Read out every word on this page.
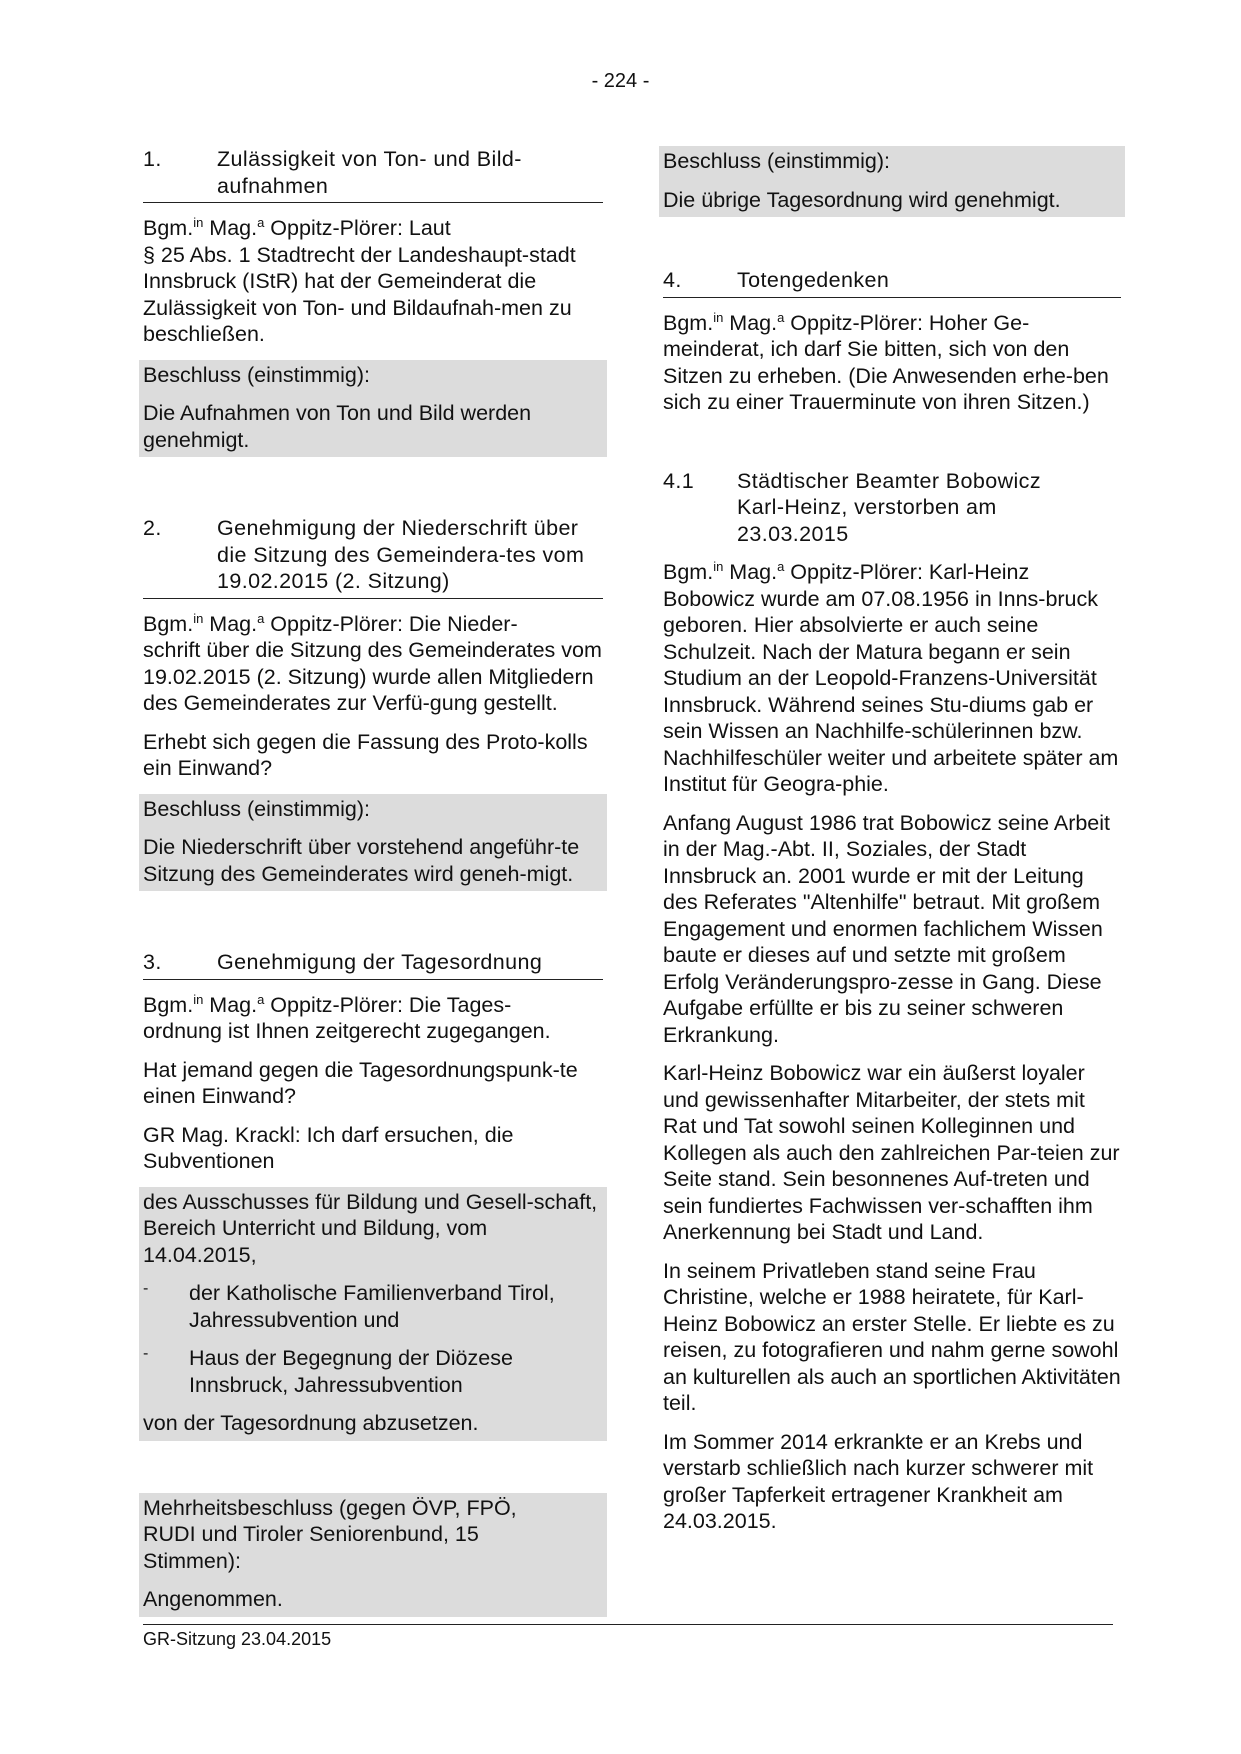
- 224 -
1.	Zulässigkeit von Ton- und Bild-aufnahmen

Bgm.$^{in}$ Mag.$^a$ Oppitz-Plörer: Laut

§ 25 Abs. 1 Stadtrecht der Landeshaupt-stadt Innsbruck (IStR) hat der Gemeinderat die Zulässigkeit von Ton- und Bildaufnah-men zu beschließen.

Beschluss (einstimmig):

Die Aufnahmen von Ton und Bild werden genehmigt.

2.	Genehmigung der Niederschrift über die Sitzung des Gemeindera-tes vom 19.02.2015 (2. Sitzung)

Bgm.$^{in}$ Mag.$^a$ Oppitz-Plörer: Die Nieder-

schrift über die Sitzung des Gemeinderates vom 19.02.2015 (2. Sitzung) wurde allen Mitgliedern des Gemeinderates zur Verfü-gung gestellt.

Erhebt sich gegen die Fassung des Proto-kolls ein Einwand?

Beschluss (einstimmig):

Die Niederschrift über vorstehend angeführ-te Sitzung des Gemeinderates wird geneh-migt.

3.	Genehmigung der Tagesordnung

Bgm.$^{in}$ Mag.$^a$ Oppitz-Plörer: Die Tages-

ordnung ist Ihnen zeitgerecht zugegangen.

Hat jemand gegen die Tagesordnungspunk-te einen Einwand?

GR Mag. Krackl: Ich darf ersuchen, die Subventionen

des Ausschusses für Bildung und Gesell-schaft, Bereich Unterricht und Bildung, vom 14.04.2015,

-	der Katholische Familienverband Tirol, Jahressubvention und

-	Haus der Begegnung der Diözese Innsbruck, Jahressubvention

von der Tagesordnung abzusetzen.

Mehrheitsbeschluss (gegen ÖVP, FPÖ, RUDI und Tiroler Seniorenbund, 15 Stimmen):

Angenommen.

Beschluss (einstimmig):

Die übrige Tagesordnung wird genehmigt.

4.	Totengedenken

Bgm.$^{in}$ Mag.$^a$ Oppitz-Plörer: Hoher Ge-

meinderat, ich darf Sie bitten, sich von den Sitzen zu erheben. (Die Anwesenden erhe-ben sich zu einer Trauerminute von ihren Sitzen.)

4.1	Städtischer Beamter Bobowicz Karl-Heinz, verstorben am 23.03.2015

Bgm.$^{in}$ Mag.$^a$ Oppitz-Plörer: Karl-Heinz

Bobowicz wurde am 07.08.1956 in Inns-bruck geboren. Hier absolvierte er auch seine Schulzeit. Nach der Matura begann er sein Studium an der Leopold-Franzens-Universität Innsbruck. Während seines Stu-diums gab er sein Wissen an Nachhilfe-schülerinnen bzw. Nachhilfeschüler weiter und arbeitete später am Institut für Geogra-phie.

Anfang August 1986 trat Bobowicz seine Arbeit in der Mag.-Abt. II, Soziales, der Stadt Innsbruck an. 2001 wurde er mit der Leitung des Referates "Altenhilfe" betraut. Mit großem Engagement und enormen fachlichem Wissen baute er dieses auf und setzte mit großem Erfolg Veränderungspro-zesse in Gang. Diese Aufgabe erfüllte er bis zu seiner schweren Erkrankung.

Karl-Heinz Bobowicz war ein äußerst loyaler und gewissenhafter Mitarbeiter, der stets mit Rat und Tat sowohl seinen Kolleginnen und Kollegen als auch den zahlreichen Par-teien zur Seite stand. Sein besonnenes Auf-treten und sein fundiertes Fachwissen ver-schafften ihm Anerkennung bei Stadt und Land.

In seinem Privatleben stand seine Frau Christine, welche er 1988 heiratete, für Karl-Heinz Bobowicz an erster Stelle. Er liebte es zu reisen, zu fotografieren und nahm gerne sowohl an kulturellen als auch an sportlichen Aktivitäten teil.

Im Sommer 2014 erkrankte er an Krebs und verstarb schließlich nach kurzer schwerer mit großer Tapferkeit ertragener Krankheit am 24.03.2015.

GR-Sitzung 23.04.2015
